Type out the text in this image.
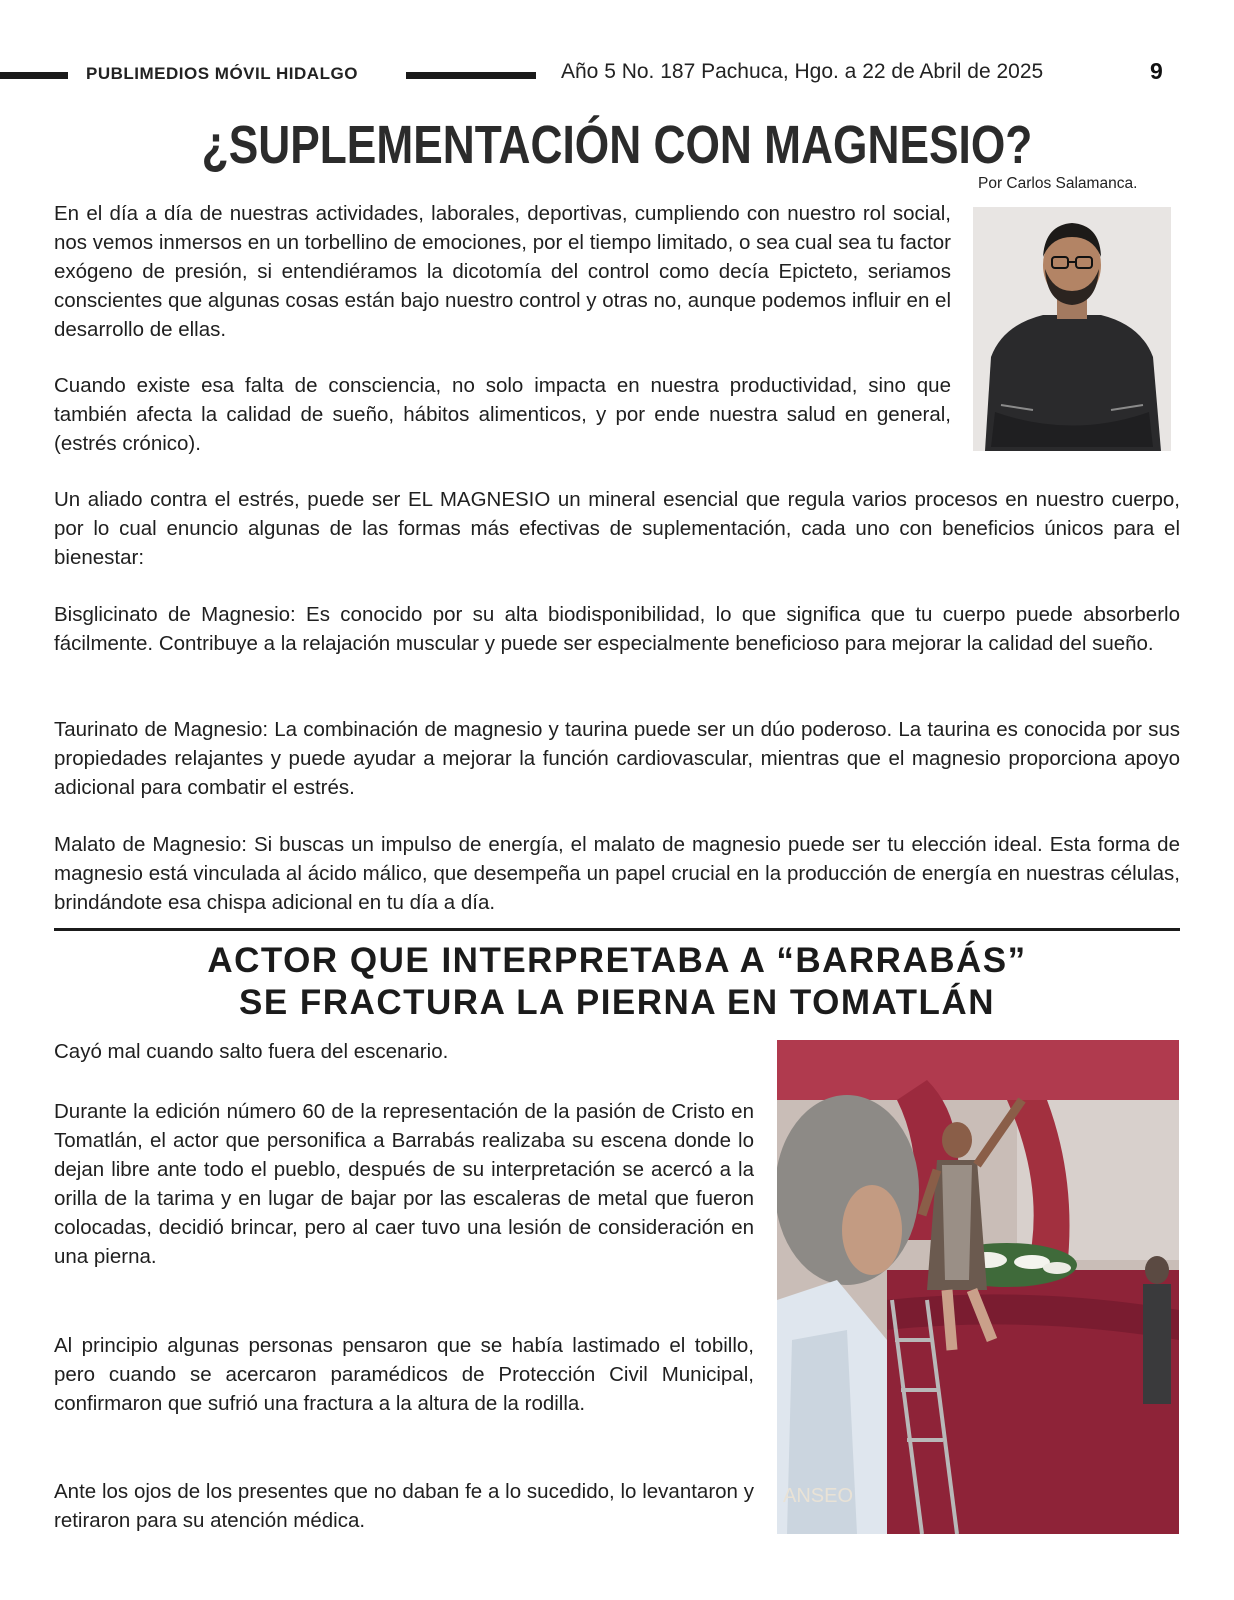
PUBLIMEDIOS MÓVIL HIDALGO	Año 5 No. 187 Pachuca, Hgo. a 22 de Abril de 2025	9
¿SUPLEMENTACIÓN CON MAGNESIO?
Por Carlos Salamanca.
En el día a día de nuestras actividades, laborales, deportivas, cumpliendo con nuestro rol social, nos vemos inmersos en un torbellino de emociones, por el tiempo limitado, o sea cual sea tu factor exógeno de presión, si entendiéramos la dicotomía del control como decía Epicteto, seriamos conscientes que algunas cosas están bajo nuestro control y otras no, aunque podemos influir en el desarrollo de ellas.
Cuando existe esa falta de consciencia, no solo impacta en nuestra productividad, sino que también afecta la calidad de sueño, hábitos alimenticos, y por ende nuestra salud en general, (estrés crónico).
Un aliado contra el estrés, puede ser EL MAGNESIO un mineral esencial que regula varios procesos en nuestro cuerpo, por lo cual enuncio algunas de las formas más efectivas de suplementación, cada uno con beneficios únicos para el bienestar:
Bisglicinato de Magnesio: Es conocido por su alta biodisponibilidad, lo que significa que tu cuerpo puede absorberlo fácilmente. Contribuye a la relajación muscular y puede ser especialmente beneficioso para mejorar la calidad del sueño.
Taurinato de Magnesio: La combinación de magnesio y taurina puede ser un dúo poderoso. La taurina es conocida por sus propiedades relajantes y puede ayudar a mejorar la función cardiovascular, mientras que el magnesio proporciona apoyo adicional para combatir el estrés.
Malato de Magnesio: Si buscas un impulso de energía, el malato de magnesio puede ser tu elección ideal. Esta forma de magnesio está vinculada al ácido málico, que desempeña un papel crucial en la producción de energía en nuestras células, brindándote esa chispa adicional en tu día a día.
ACTOR QUE INTERPRETABA A “BARRABÁS”
SE FRACTURA LA PIERNA EN TOMATLÁN
Cayó mal cuando salto fuera del escenario.
Durante la edición número 60 de la representación de la pasión de Cristo en Tomatlán, el actor que personifica a Barrabás realizaba su escena donde lo dejan libre ante todo el pueblo, después de su interpretación se acercó a la orilla de la tarima y en lugar de bajar por las escaleras de metal que fueron colocadas, decidió brincar, pero al caer tuvo una lesión de consideración en una pierna.
Al principio algunas personas pensaron que se había lastimado el tobillo, pero cuando se acercaron paramédicos de Protección Civil Municipal, confirmaron que sufrió una fractura a la altura de la rodilla.
Ante los ojos de los presentes que no daban fe a lo sucedido, lo levantaron y retiraron para su atención médica.
ANSEO
